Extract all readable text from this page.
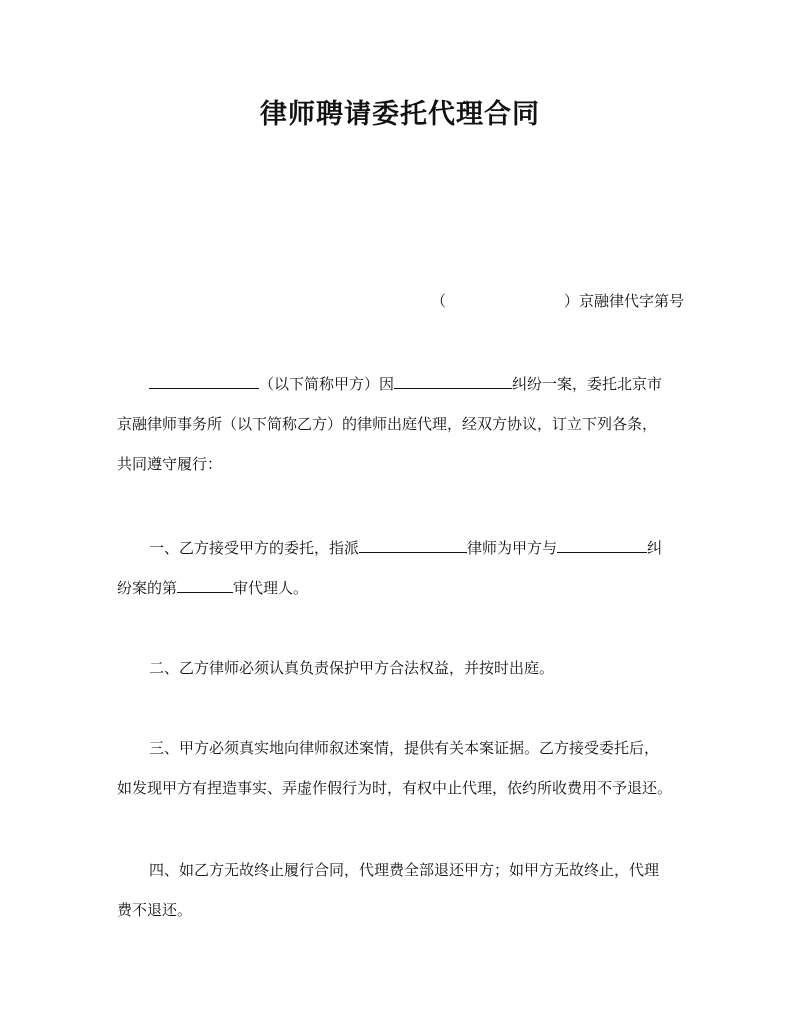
律师聘请委托代理合同
（	）京融律代字第号
（以下简称甲方）因	纠纷一案，委托北京市
京融律师事务所（以下简称乙方）的律师出庭代理，经双方协议，订立下列各条，
共同遵守履行：
一、乙方接受甲方的委托，指派	律师为甲方与	纠
纷案的第	审代理人。
二、乙方律师必须认真负责保护甲方合法权益，并按时出庭。
三、甲方必须真实地向律师叙述案情，提供有关本案证据。乙方接受委托后，
如发现甲方有捏造事实、弄虚作假行为时，有权中止代理，依约所收费用不予退还。
四、如乙方无故终止履行合同，代理费全部退还甲方；如甲方无故终止，代理
费不退还。
